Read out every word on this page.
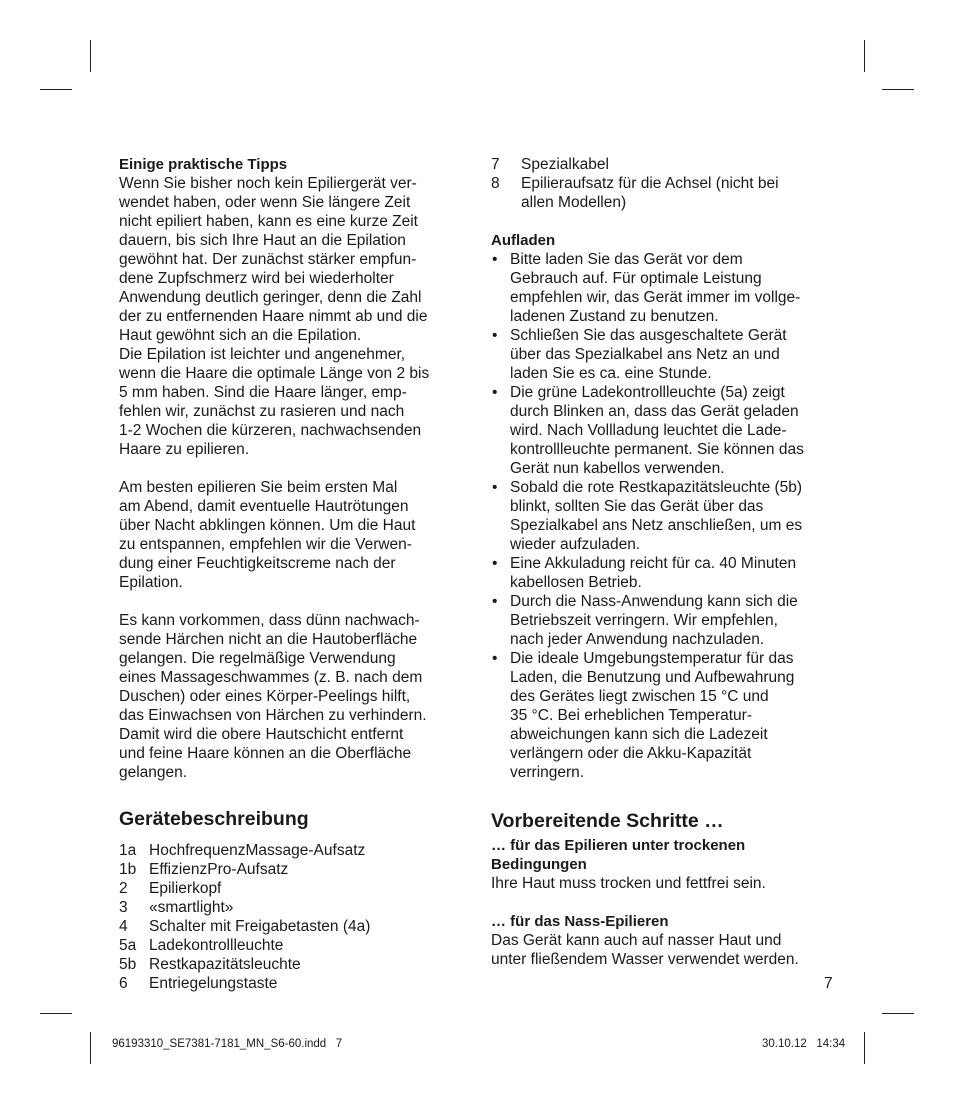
Einige praktische Tipps

Wenn Sie bisher noch kein Epiliergerät ver-
wendet haben, oder wenn Sie längere Zeit
nicht epiliert haben, kann es eine kurze Zeit
dauern, bis sich Ihre Haut an die Epilation
gewöhnt hat. Der zunächst stärker empfun-
dene Zupfschmerz wird bei wiederholter
Anwendung deutlich geringer, denn die Zahl
der zu entfernenden Haare nimmt ab und die
Haut gewöhnt sich an die Epilation.
Die Epilation ist leichter und angenehmer,
wenn die Haare die optimale Länge von 2 bis
5 mm haben. Sind die Haare länger, emp-
fehlen wir, zunächst zu rasieren und nach
1-2 Wochen die kürzeren, nachwachsenden
Haare zu epilieren.
Am besten epilieren Sie beim ersten Mal
am Abend, damit eventuelle Hautrötungen
über Nacht abklingen können. Um die Haut
zu entspannen, empfehlen wir die Verwen-
dung einer Feuchtigkeitscreme nach der
Epilation.
Es kann vorkommen, dass dünn nachwach-
sende Härchen nicht an die Hautoberfläche
gelangen. Die regelmäßige Verwendung
eines Massageschwammes (z. B. nach dem
Duschen) oder eines Körper-Peelings hilft,
das Einwachsen von Härchen zu verhindern.
Damit wird die obere Hautschicht entfernt
und feine Haare können an die Oberfläche
gelangen.
Gerätebeschreibung
1a HochfrequenzMassage-Aufsatz
1b EffizienzPro-Aufsatz
2	Epilierkopf
3	«smartlight»
4	Schalter mit Freigabetasten (4a)
5a Ladekontrollleuchte
5b Restkapazitätsleuchte
6	Entriegelungstaste
7	Spezialkabel
8	Epilieraufsatz für die Achsel (nicht bei
allen Modellen)

Aufladen

• Bitte laden Sie das Gerät vor dem
Gebrauch auf. Für optimale Leistung
empfehlen wir, das Gerät immer im vollge-
ladenen Zustand zu benutzen.
• Schließen Sie das ausgeschaltete Gerät
über das Spezialkabel ans Netz an und
laden Sie es ca. eine Stunde.
• Die grüne Ladekontrollleuchte (5a) zeigt
durch Blinken an, dass das Gerät geladen
wird. Nach Vollladung leuchtet die Lade-
kontrollleuchte permanent. Sie können das
Gerät nun kabellos verwenden.
• Sobald die rote Restkapazitätsleuchte (5b)
blinkt, sollten Sie das Gerät über das
Spezialkabel ans Netz anschließen, um es
wieder aufzuladen.
• Eine Akkuladung reicht für ca. 40 Minuten
kabellosen Betrieb.
• Durch die Nass-Anwendung kann sich die
Betriebszeit verringern. Wir empfehlen,
nach jeder Anwendung nachzuladen.
• Die ideale Umgebungstemperatur für das
Laden, die Benutzung und Aufbewahrung
des Gerätes liegt zwischen 15 °C und
35 °C. Bei erheblichen Temperatur-
abweichungen kann sich die Ladezeit
verlängern oder die Akku-Kapazität
verringern.
Vorbereitende Schritte …
… für das Epilieren unter trockenen
Bedingungen

Ihre Haut muss trocken und fettfrei sein.

… für das Nass-Epilieren

Das Gerät kann auch auf nasser Haut und
unter fließendem Wasser verwendet werden.
7
96193310_SE7381-7181_MN_S6-60.indd   7	30.10.12   14:34
